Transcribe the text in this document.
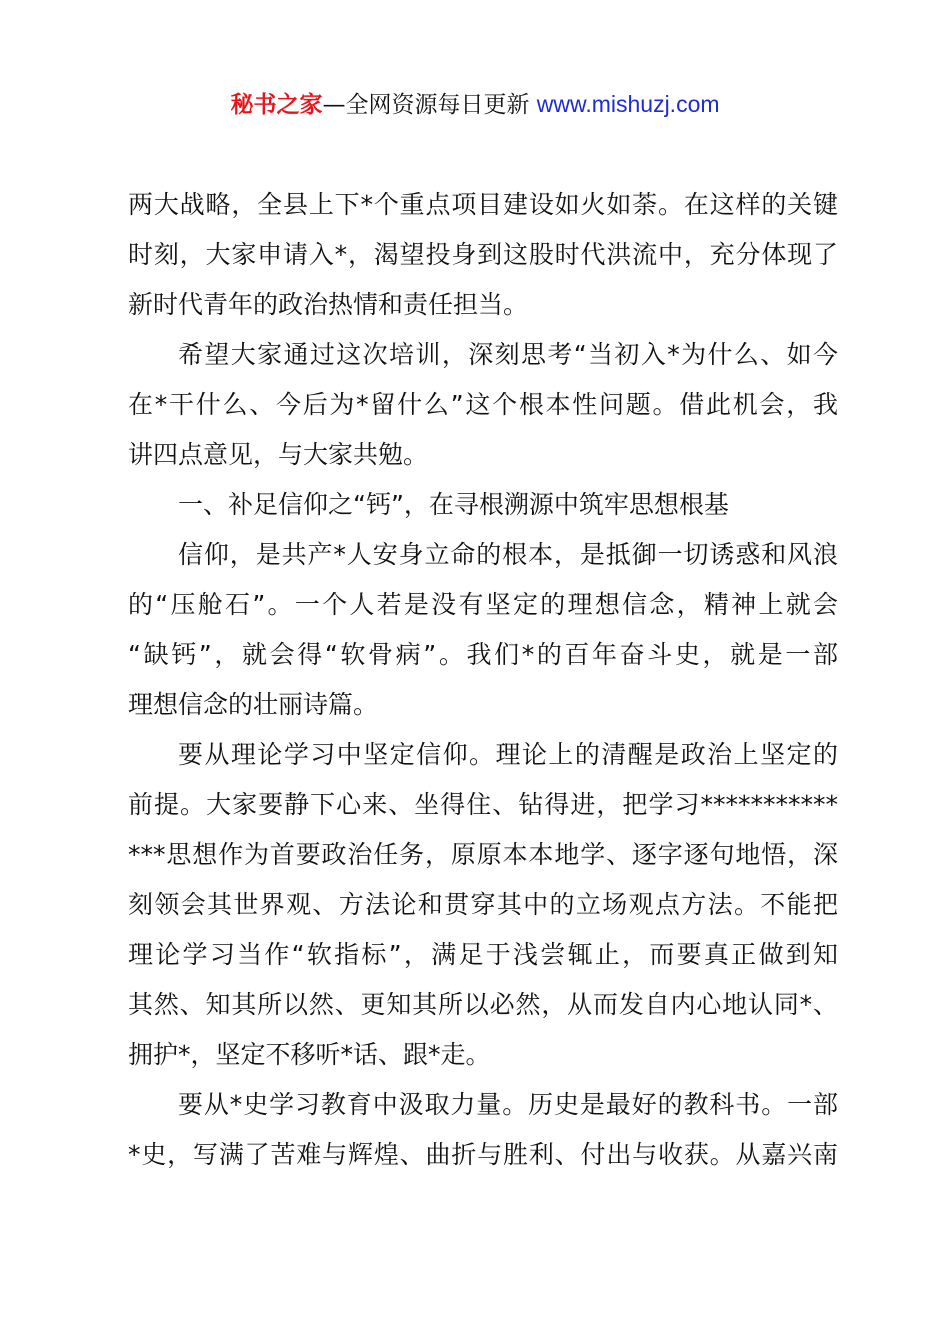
秘书之家—全网资源每日更新 www.mishuzj.com
两大战略，全县上下*个重点项目建设如火如荼。在这样的关键
时刻，大家申请入*，渴望投身到这股时代洪流中，充分体现了
新时代青年的政治热情和责任担当。
希望大家通过这次培训，深刻思考“当初入*为什么、如今
在*干什么、今后为*留什么”这个根本性问题。借此机会，我
讲四点意见，与大家共勉。
一、补足信仰之“钙”，在寻根溯源中筑牢思想根基
信仰，是共产*人安身立命的根本，是抵御一切诱惑和风浪
的“压舱石”。一个人若是没有坚定的理想信念，精神上就会
“缺钙”，就会得“软骨病”。我们*的百年奋斗史，就是一部
理想信念的壮丽诗篇。
要从理论学习中坚定信仰。理论上的清醒是政治上坚定的
前提。大家要静下心来、坐得住、钻得进，把学习***********
***思想作为首要政治任务，原原本本地学、逐字逐句地悟，深
刻领会其世界观、方法论和贯穿其中的立场观点方法。不能把
理论学习当作“软指标”，满足于浅尝辄止，而要真正做到知
其然、知其所以然、更知其所以必然，从而发自内心地认同*、
拥护*，坚定不移听*话、跟*走。
要从*史学习教育中汲取力量。历史是最好的教科书。一部
*史，写满了苦难与辉煌、曲折与胜利、付出与收获。从嘉兴南
